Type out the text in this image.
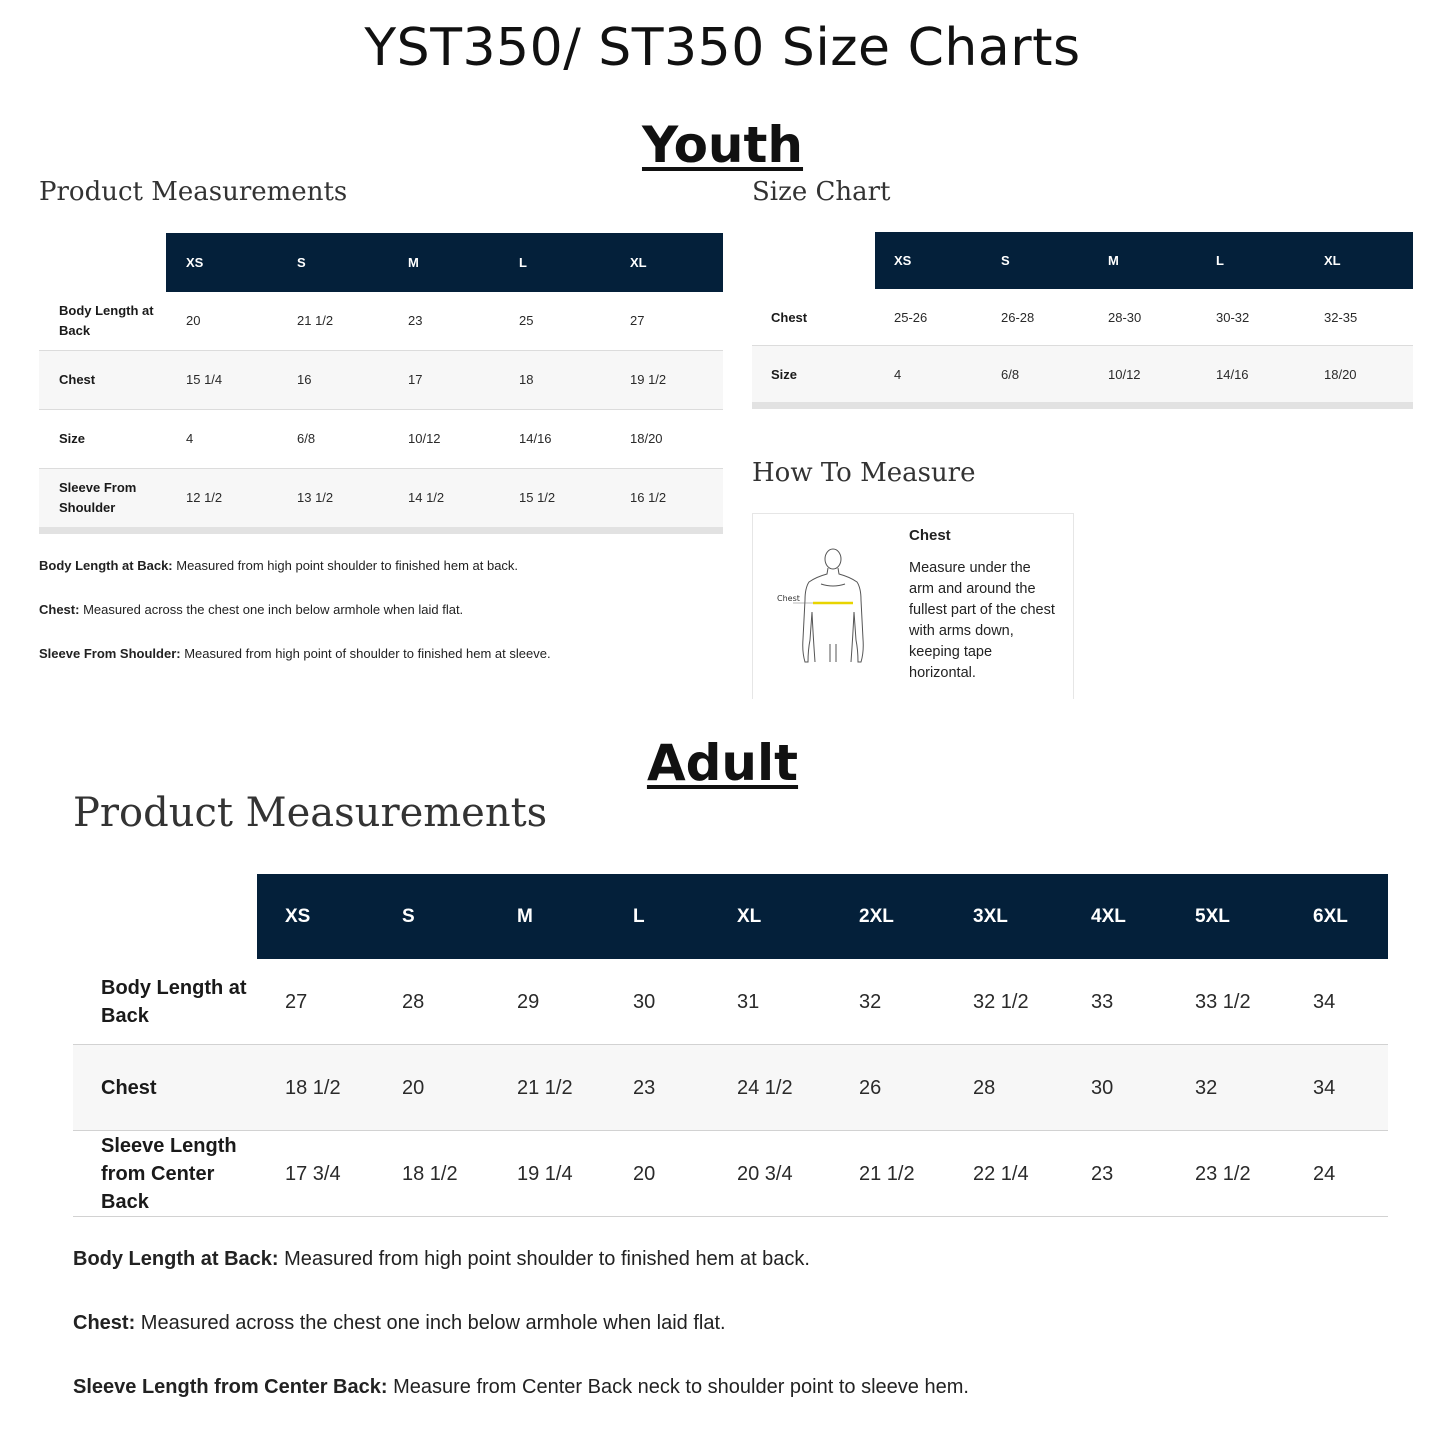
YST350/ ST350 Size Charts
Youth
Product Measurements	Size Chart
	XS	S	M	L	XL
Body Length at Back	20	21 1/2	23	25	27
Chest	15 1/4	16	17	18	19 1/2
Size	4	6/8	10/12	14/16	18/20
Sleeve From Shoulder	12 1/2	13 1/2	14 1/2	15 1/2	16 1/2
	XS	S	M	L	XL
Chest	25-26	26-28	28-30	30-32	32-35
Size	4	6/8	10/12	14/16	18/20

Body Length at Back: Measured from high point shoulder to finished hem at back.

Chest: Measured across the chest one inch below armhole when laid flat.

Sleeve From Shoulder: Measured from high point of shoulder to finished hem at sleeve.

How To Measure
Chest
Chest
Measure under the arm and around the fullest part of the chest with arms down, keeping tape horizontal.
Adult
Product Measurements
	XS	S	M	L	XL	2XL	3XL	4XL	5XL	6XL
Body Length at Back	27	28	29	30	31	32	32 1/2	33	33 1/2	34
Chest	18 1/2	20	21 1/2	23	24 1/2	26	28	30	32	34
Sleeve Length from Center Back	17 3/4	18 1/2	19 1/4	20	20 3/4	21 1/2	22 1/4	23	23 1/2	24

Body Length at Back: Measured from high point shoulder to finished hem at back.

Chest: Measured across the chest one inch below armhole when laid flat.

Sleeve Length from Center Back: Measure from Center Back neck to shoulder point to sleeve hem.
